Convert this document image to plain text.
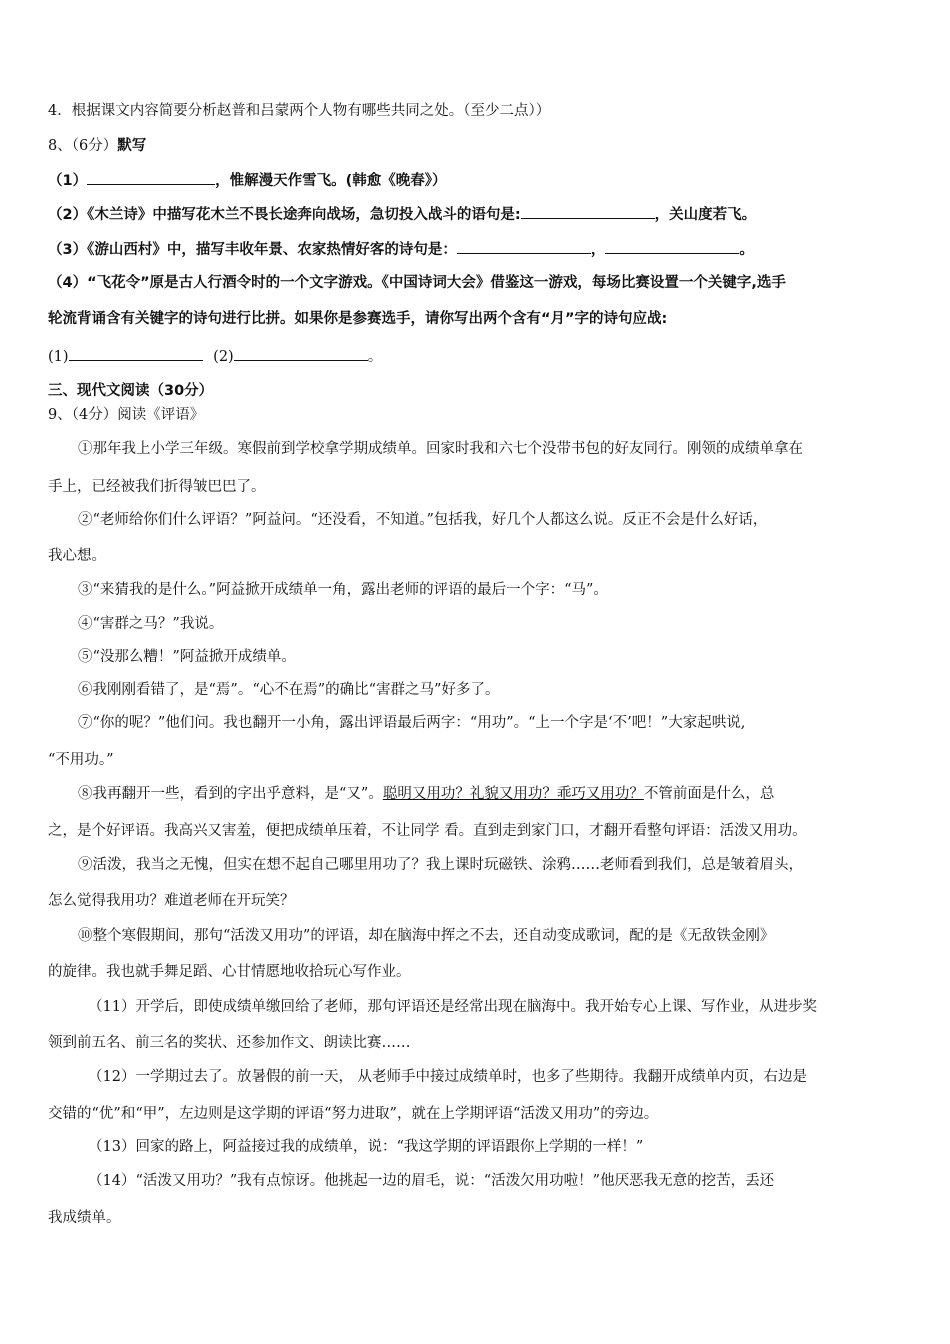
4．根据课文内容简要分析赵普和吕蒙两个人物有哪些共同之处。（至少二点））
8、（6分）默写
（1）	，惟解漫天作雪飞。(韩愈《晚春》）
（2）《木兰诗》中描写花木兰不畏长途奔向战场，急切投入战斗的语句是:	，关山度若飞。
（3）《游山西村》中，描写丰收年景、农家热情好客的诗句是：	，	。
（4）“飞花令”原是古人行酒令时的一个文字游戏。《中国诗词大会》借鉴这一游戏，每场比赛设置一个关键字,选手
轮流背诵含有关键字的诗句进行比拼。如果你是参赛选手，请你写出两个含有“月”字的诗句应战:
(1)	(2)	。
三、现代文阅读（30分）
9、（4分）阅读《评语》
①那年我上小学三年级。寒假前到学校拿学期成绩单。回家时我和六七个没带书包的好友同行。刚领的成绩单拿在
手上，已经被我们折得皱巴巴了。
②“老师给你们什么评语？”阿益问。“还没看，不知道。”包括我，好几个人都这么说。反正不会是什么好话，
我心想。
③“来猜我的是什么。”阿益掀开成绩单一角，露出老师的评语的最后一个字：“马”。
④“害群之马？”我说。
⑤“没那么糟！”阿益掀开成绩单。
⑥我刚刚看错了，是“焉”。“心不在焉”的确比“害群之马”好多了。
⑦“你的呢？”他们问。我也翻开一小角，露出评语最后两字：“用功”。“上一个字是‘不’吧！”大家起哄说,
“不用功。”
⑧我再翻开一些，看到的字出乎意料，是“又”。聪明又用功？礼貌又用功？乖巧又用功？不管前面是什么，总
之，是个好评语。我高兴又害羞，便把成绩单压着，不让同学 看。直到走到家门口，才翻开看整句评语：活泼又用功。
⑨活泼，我当之无愧，但实在想不起自己哪里用功了？我上课时玩磁铁、涂鸦……老师看到我们，总是皱着眉头，
怎么觉得我用功？难道老师在开玩笑？
⑩整个寒假期间，那句“活泼又用功”的评语，却在脑海中挥之不去，还自动变成歌词，配的是《无敌铁金刚》
的旋律。我也就手舞足蹈、心甘情愿地收拾玩心写作业。
（11）开学后，即使成绩单缴回给了老师，那句评语还是经常出现在脑海中。我开始专心上课、写作业，从进步奖
领到前五名、前三名的奖状、还参加作文、朗读比赛……
（12）一学期过去了。放暑假的前一天， 从老师手中接过成绩单时，也多了些期待。我翻开成绩单内页，右边是
交错的“优”和“甲”，左边则是这学期的评语“努力进取”，就在上学期评语“活泼又用功”的旁边。
（13）回家的路上，阿益接过我的成绩单，说：“我这学期的评语跟你上学期的一样！”
（14）“活泼又用功？”我有点惊讶。他挑起一边的眉毛，说：“活泼欠用功啦！”他厌恶我无意的挖苦，丢还
我成绩单。
